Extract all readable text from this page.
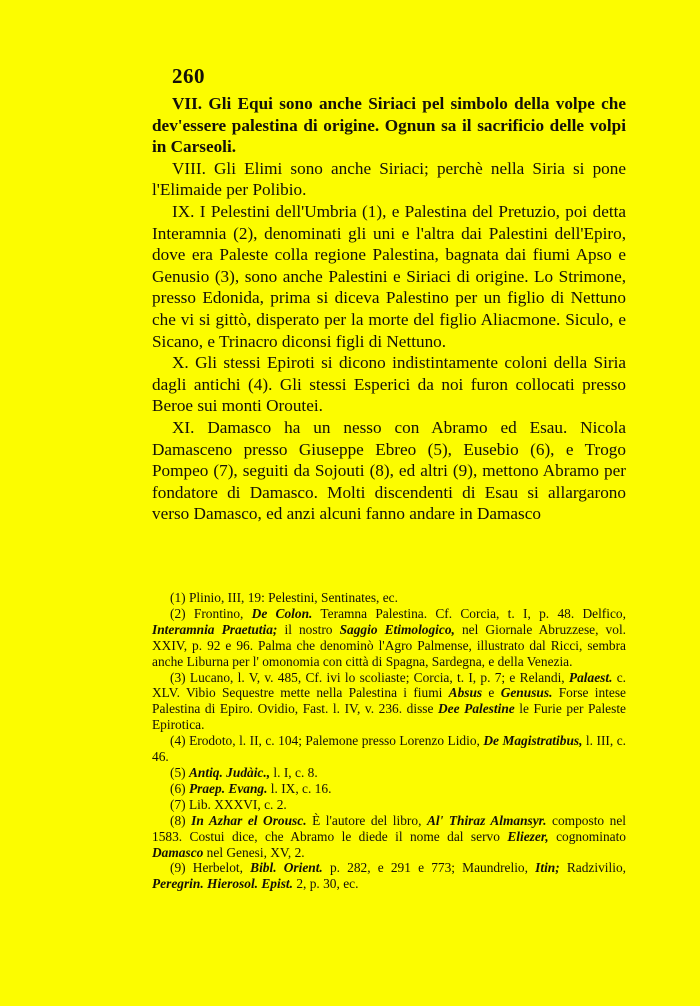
260

VII. Gli Equi sono anche Siriaci pel simbolo della volpe che dev'essere palestina di origine. Ognun sa il sacrificio delle volpi in Carseoli.

VIII. Gli Elimi sono anche Siriaci; perchè nella Siria si pone l'Elimaide per Polibio.

IX. I Pelestini dell'Umbria (1), e Palestina del Pretuzio, poi detta Interamnia (2), denominati gli uni e l'altra dai Palestini dell'Epiro, dove era Paleste colla regione Palestina, bagnata dai fiumi Apso e Genusio (3), sono anche Palestini e Siriaci di origine. Lo Strimone, presso Edonida, prima si diceva Palestino per un figlio di Nettuno che vi si gittò, disperato per la morte del figlio Aliacmone. Siculo, e Sicano, e Trinacro diconsi figli di Nettuno.

X. Gli stessi Epiroti si dicono indistintamente coloni della Siria dagli antichi (4). Gli stessi Esperici da noi furon collocati presso Beroe sui monti Oroutei.

XI. Damasco ha un nesso con Abramo ed Esau. Nicola Damasceno presso Giuseppe Ebreo (5), Eusebio (6), e Trogo Pompeo (7), seguiti da Sojouti (8), ed altri (9), mettono Abramo per fondatore di Damasco. Molti discendenti di Esau si allargarono verso Damasco, ed anzi alcuni fanno andare in Damasco

(1) Plinio, III, 19: Pelestini, Sentinates, ec.

(2) Frontino, De Colon. Teramna Palestina. Cf. Corcia, t. I, p. 48. Delfico, Interamnia Praetutia; il nostro Saggio Etimologico, nel Giornale Abruzzese, vol. XXIV, p. 92 e 96. Palma che denominò l'Agro Palmense, illustrato dal Ricci, sembra anche Liburna per l' omonomia con città di Spagna, Sardegna, e della Venezia.

(3) Lucano, l. V, v. 485, Cf. ivi lo scoliaste; Corcia, t. I, p. 7; e Relandi, Palaest. c. XLV. Vibio Sequestre mette nella Palestina i fiumi Absus e Genusus. Forse intese Palestina di Epiro. Ovidio, Fast. l. IV, v. 236. disse Dee Palestine le Furie per Paleste Epirotica.

(4) Erodoto, l. II, c. 104; Palemone presso Lorenzo Lidio, De Magistratibus, l. III, c. 46.

(5) Antiq. Judàic., l. I, c. 8.

(6) Praep. Evang. l. IX, c. 16.

(7) Lib. XXXVI, c. 2.

(8) In Azhar el Orousc. È l'autore del libro, Al' Thiraz Almansyr. composto nel 1583. Costui dice, che Abramo le diede il nome dal servo Eliezer, cognominato Damasco nel Genesi, XV, 2.

(9) Herbelot, Bibl. Orient. p. 282, e 291 e 773; Maundrelio, Itin; Radzivilio, Peregrin. Hierosol. Epist. 2, p. 30, ec.
